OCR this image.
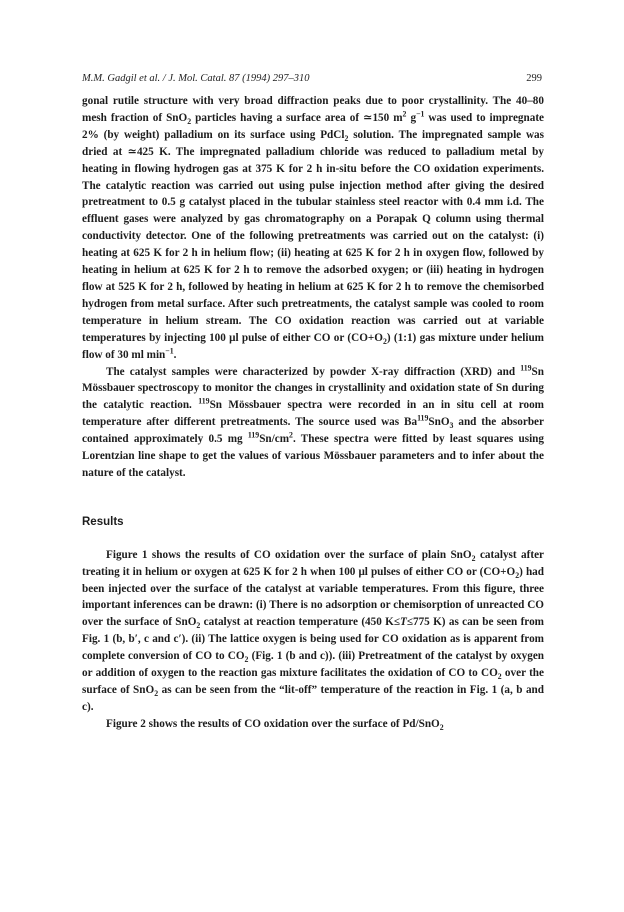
M.M. Gadgil et al. / J. Mol. Catal. 87 (1994) 297–310	299

gonal rutile structure with very broad diffraction peaks due to poor crystallinity. The 40–80 mesh fraction of SnO$_2$ particles having a surface area of ≃150 $m^2$ $g^{-1}$ was used to impregnate 2% (by weight) palladium on its surface using PdCl$_2$ solution. The impregnated sample was dried at ≃425 K. The impregnated palladium chloride was reduced to palladium metal by heating in flowing hydrogen gas at 375 K for 2 h in-situ before the CO oxidation experiments. The catalytic reaction was carried out using pulse injection method after giving the desired pretreatment to 0.5 g catalyst placed in the tubular stainless steel reactor with 0.4 mm i.d. The effluent gases were analyzed by gas chromatography on a Porapak Q column using thermal conductivity detector. One of the following pretreatments was carried out on the catalyst: (i) heating at 625 K for 2 h in helium flow; (ii) heating at 625 K for 2 h in oxygen flow, followed by heating in helium at 625 K for 2 h to remove the adsorbed oxygen; or (iii) heating in hydrogen flow at 525 K for 2 h, followed by heating in helium at 625 K for 2 h to remove the chemisorbed hydrogen from metal surface. After such pretreatments, the catalyst sample was cooled to room temperature in helium stream. The CO oxidation reaction was carried out at variable temperatures by injecting 100 μl pulse of either CO or $(CO+O_2)$ (1:1) gas mixture under helium flow of 30 ml $\min^{-1}$.

The catalyst samples were characterized by powder X-ray diffraction (XRD) and $^{119}$Sn Mössbauer spectroscopy to monitor the changes in crystallinity and oxidation state of Sn during the catalytic reaction. $^{119}$Sn Mössbauer spectra were recorded in an in situ cell at room temperature after different pretreatments. The source used was $Ba^{119}SnO_3$ and the absorber contained approximately 0.5 mg $^{119}Sn/cm^2$. These spectra were fitted by least squares using Lorentzian line shape to get the values of various Mössbauer parameters and to infer about the nature of the catalyst.

Results

Figure 1 shows the results of CO oxidation over the surface of plain SnO$_2$ catalyst after treating it in helium or oxygen at 625 K for 2 h when 100 μl pulses of either CO or $(CO+O_2)$ had been injected over the surface of the catalyst at variable temperatures. From this figure, three important inferences can be drawn: (i) There is no adsorption or chemisorption of unreacted CO over the surface of SnO$_2$ catalyst at reaction temperature (450 K≤T≤775 K) as can be seen from Fig. 1 (b, b′, c and c′). (ii) The lattice oxygen is being used for CO oxidation as is apparent from complete conversion of CO to $CO_2$ (Fig. 1 (b and c)). (iii) Pretreatment of the catalyst by oxygen or addition of oxygen to the reaction gas mixture facilitates the oxidation of CO to $CO_2$ over the surface of SnO$_2$ as can be seen from the “lit-off” temperature of the reaction in Fig. 1 (a, b and c).

Figure 2 shows the results of CO oxidation over the surface of Pd/SnO$_2$
